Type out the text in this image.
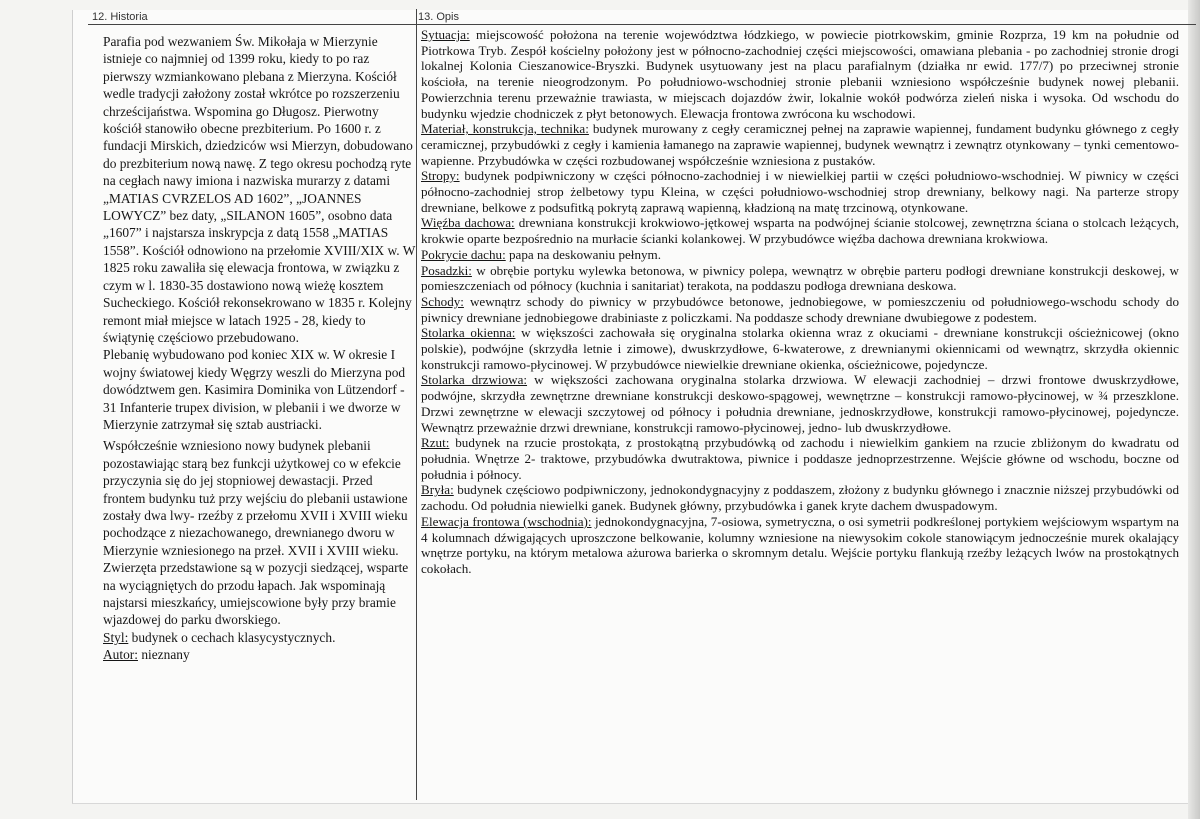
12. Historia	13. Opis

Parafia pod wezwaniem Św. Mikołaja w Mierzynie istnieje co najmniej od 1399 roku, kiedy to po raz pierwszy wzmiankowano plebana z Mierzyna. Kościół wedle tradycji założony został wkrótce po rozszerzeniu chrześcijaństwa. Wspomina go Długosz. Pierwotny kościół stanowiło obecne prezbiterium. Po 1600 r. z fundacji Mirskich, dziedziców wsi Mierzyn, dobudowano do prezbiterium nową nawę. Z tego okresu pochodzą ryte na cegłach nawy imiona i nazwiska murarzy z datami „MATIAS CVRZELOS AD 1602”, „JOANNES LOWYCZ” bez daty, „SILANON 1605”, osobno data „1607” i najstarsza inskrypcja z datą 1558 „MATIAS 1558”. Kościół odnowiono na przełomie XVIII/XIX w. W 1825 roku zawaliła się elewacja frontowa, w związku z czym w l. 1830-35 dostawiono nową wieżę kosztem Sucheckiego. Kościół rekonsekrowano w 1835 r. Kolejny remont miał miejsce w latach 1925 - 28, kiedy to świątynię częściowo przebudowano.

Plebanię wybudowano pod koniec XIX w. W okresie I wojny światowej kiedy Węgrzy weszli do Mierzyna pod dowództwem gen. Kasimira Dominika von Lützendorf - 31 Infanterie trupex division, w plebanii i we dworze w Mierzynie zatrzymał się sztab austriacki.

Współcześnie wzniesiono nowy budynek plebanii pozostawiając starą bez funkcji użytkowej co w efekcie przyczynia się do jej stopniowej dewastacji. Przed frontem budynku tuż przy wejściu do plebanii ustawione zostały dwa lwy- rzeźby z przełomu XVII i XVIII wieku pochodzące z niezachowanego, drewnianego dworu w Mierzynie wzniesionego na przeł. XVII i XVIII wieku. Zwierzęta przedstawione są w pozycji siedzącej, wsparte na wyciągniętych do przodu łapach. Jak wspominają najstarsi mieszkańcy, umiejscowione były przy bramie wjazdowej do parku dworskiego.

Styl: budynek o cechach klasycystycznych.

Autor: nieznany

Sytuacja: miejscowość położona na terenie województwa łódzkiego, w powiecie piotrkowskim, gminie Rozprza, 19 km na południe od Piotrkowa Tryb. Zespół kościelny położony jest w północno-zachodniej części miejscowości, omawiana plebania - po zachodniej stronie drogi lokalnej Kolonia Cieszanowice-Bryszki. Budynek usytuowany jest na placu parafialnym (działka nr ewid. 177/7) po przeciwnej stronie kościoła, na terenie nieogrodzonym. Po południowo-wschodniej stronie plebanii wzniesiono współcześnie budynek nowej plebanii. Powierzchnia terenu przeważnie trawiasta, w miejscach dojazdów żwir, lokalnie wokół podwórza zieleń niska i wysoka. Od wschodu do budynku wjedzie chodniczek z płyt betonowych. Elewacja frontowa zwrócona ku wschodowi.

Materiał, konstrukcja, technika: budynek murowany z cegły ceramicznej pełnej na zaprawie wapiennej, fundament budynku głównego z cegły ceramicznej, przybudówki z cegły i kamienia łamanego na zaprawie wapiennej, budynek wewnątrz i zewnątrz otynkowany – tynki cementowo-wapienne. Przybudówka w części rozbudowanej współcześnie wzniesiona z pustaków.

Stropy: budynek podpiwniczony w części północno-zachodniej i w niewielkiej partii w części południowo-wschodniej. W piwnicy w części północno-zachodniej strop żelbetowy typu Kleina, w części południowo-wschodniej strop drewniany, belkowy nagi. Na parterze stropy drewniane, belkowe z podsufitką pokrytą zaprawą wapienną, kładzioną na matę trzcinową, otynkowane.

Więźba dachowa: drewniana konstrukcji krokwiowo-jętkowej wsparta na podwójnej ścianie stolcowej, zewnętrzna ściana o stolcach leżących, krokwie oparte bezpośrednio na murłacie ścianki kolankowej. W przybudówce więźba dachowa drewniana krokwiowa.

Pokrycie dachu: papa na deskowaniu pełnym.

Posadzki: w obrębie portyku wylewka betonowa, w piwnicy polepa, wewnątrz w obrębie parteru podłogi drewniane konstrukcji deskowej, w pomieszczeniach od północy (kuchnia i sanitariat) terakota, na poddaszu podłoga drewniana deskowa.

Schody: wewnątrz schody do piwnicy w przybudówce betonowe, jednobiegowe, w pomieszczeniu od południowego-wschodu schody do piwnicy drewniane jednobiegowe drabiniaste z policzkami. Na poddasze schody drewniane dwubiegowe z podestem.

Stolarka okienna: w większości zachowała się oryginalna stolarka okienna wraz z okuciami - drewniane konstrukcji ościeżnicowej (okno polskie), podwójne (skrzydła letnie i zimowe), dwuskrzydłowe, 6-kwaterowe, z drewnianymi okiennicami od wewnątrz, skrzydła okiennic konstrukcji ramowo-płycinowej. W przybudówce niewielkie drewniane okienka, ościeżnicowe, pojedyncze.

Stolarka drzwiowa: w większości zachowana oryginalna stolarka drzwiowa. W elewacji zachodniej – drzwi frontowe dwuskrzydłowe, podwójne, skrzydła zewnętrzne drewniane konstrukcji deskowo-spągowej, wewnętrzne – konstrukcji ramowo-płycinowej, w ¾ przeszklone. Drzwi zewnętrzne w elewacji szczytowej od północy i południa drewniane, jednoskrzydłowe, konstrukcji ramowo-płycinowej, pojedyncze. Wewnątrz przeważnie drzwi drewniane, konstrukcji ramowo-płycinowej, jedno- lub dwuskrzydłowe.

Rzut: budynek na rzucie prostokąta, z prostokątną przybudówką od zachodu i niewielkim gankiem na rzucie zbliżonym do kwadratu od południa. Wnętrze 2- traktowe, przybudówka dwutraktowa, piwnice i poddasze jednoprzestrzenne. Wejście główne od wschodu, boczne od południa i północy.

Bryła: budynek częściowo podpiwniczony, jednokondygnacyjny z poddaszem, złożony z budynku głównego i znacznie niższej przybudówki od zachodu. Od południa niewielki ganek. Budynek główny, przybudówka i ganek kryte dachem dwuspadowym.

Elewacja frontowa (wschodnia): jednokondygnacyjna, 7-osiowa, symetryczna, o osi symetrii podkreślonej portykiem wejściowym wspartym na 4 kolumnach dźwigających uproszczone belkowanie, kolumny wzniesione na niewysokim cokole stanowiącym jednocześnie murek okalający wnętrze portyku, na którym metalowa ażurowa barierka o skromnym detalu. Wejście portyku flankują rzeźby leżących lwów na prostokątnych cokołach.
